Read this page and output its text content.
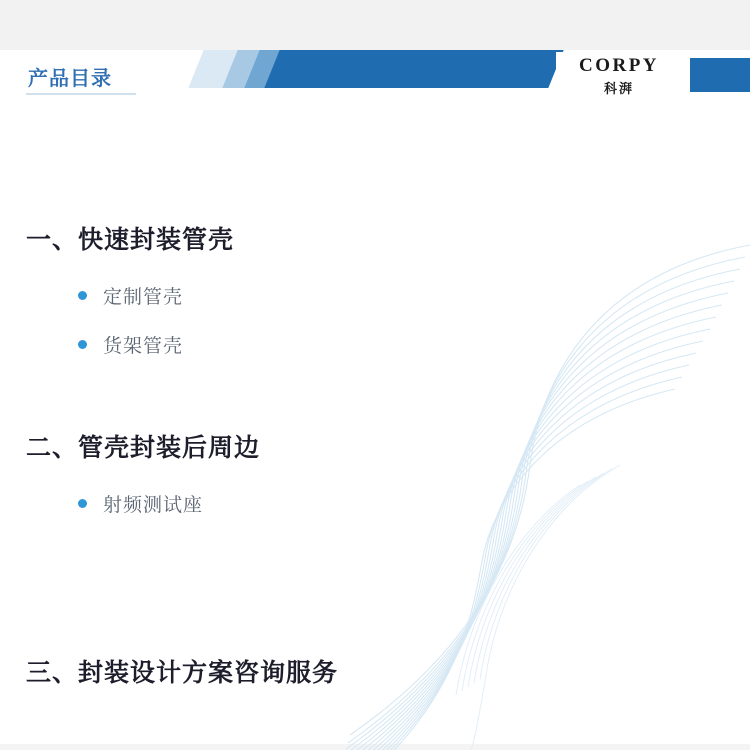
产品目录
CORPY
科湃
一、快速封装管壳
定制管壳
货架管壳
二、管壳封装后周边
射频测试座
三、封装设计方案咨询服务
